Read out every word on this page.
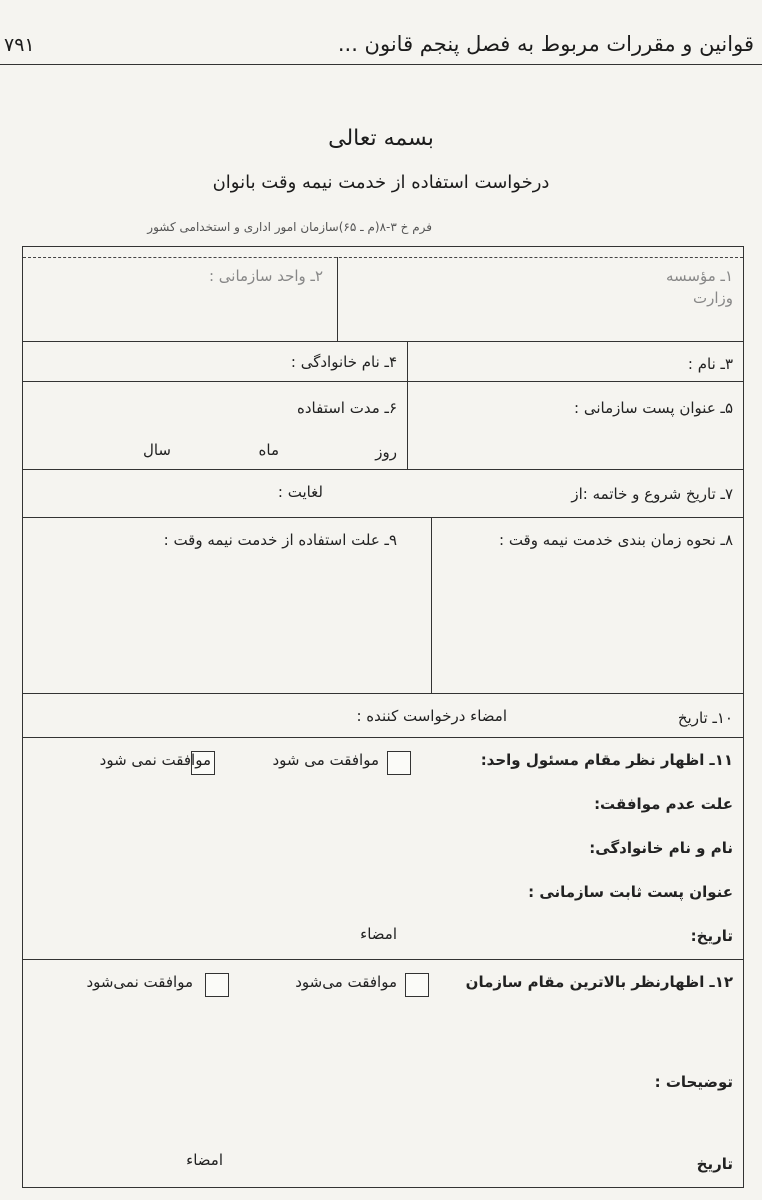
قوانین و مقررات مربوط به فصل پنجم قانون ...
۷۹۱
بسمه تعالی
درخواست استفاده از خدمت نیمه وقت بانوان
فرم خ ۳-۸(م ـ ۶۵)سازمان امور اداری و استخدامی کشور
۱ـ مؤسسه
وزارت
۲ـ واحد سازمانی :
۳ـ نام :
۴ـ نام خانوادگی :
۵ـ عنوان پست سازمانی :
۶ـ مدت استفاده
روز
ماه
سال
۷ـ تاریخ شروع و خاتمه :از
لغایت :
۸ـ نحوه زمان بندی خدمت نیمه وقت :
۹ـ علت استفاده از خدمت نیمه وقت :
۱۰ـ تاریخ
امضاء درخواست کننده :
۱۱ـ اظهار نظر مقام مسئول واحد:
موافقت می شود
موافقت نمی شود
علت عدم موافقت:
نام و نام خانوادگی:
عنوان پست ثابت سازمانی :
تاریخ:
امضاء
۱۲ـ اظهارنظر بالاترین مقام سازمان
موافقت می‌شود
موافقت نمی‌شود
توضیحات :
تاریخ
امضاء
